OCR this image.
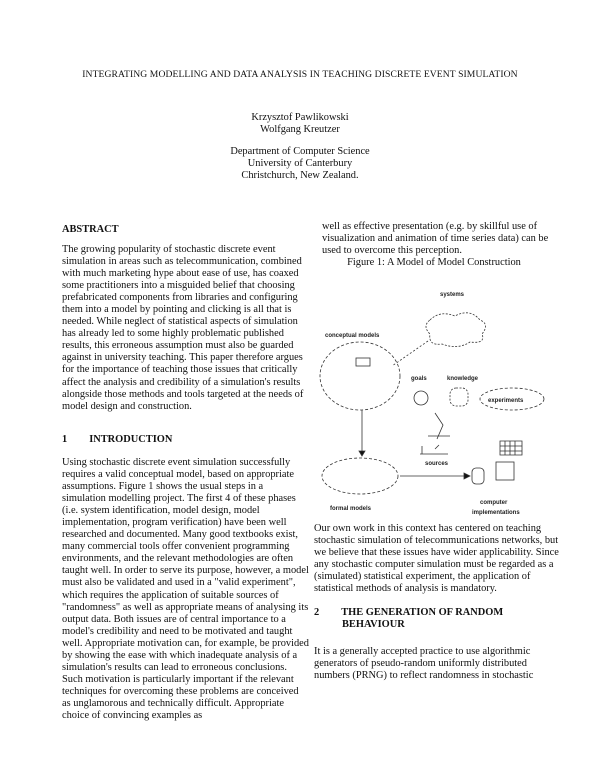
INTEGRATING MODELLING AND DATA ANALYSIS IN TEACHING DISCRETE EVENT SIMULATION
Krzysztof Pawlikowski
Wolfgang Kreutzer
Department of Computer Science
University of Canterbury
Christchurch, New Zealand.
ABSTRACT
The growing popularity of stochastic discrete event
simulation in areas such as telecommunication, combined
with much marketing hype about ease of use, has coaxed
some practitioners into a misguided belief that choosing
prefabricated components from libraries and configuring
them into a model by pointing and clicking is all that is
needed. While neglect of statistical aspects of simulation
has already led to some highly problematic published
results, this erroneous assumption must also be guarded
against in university teaching. This paper therefore argues
for the importance of teaching those issues that critically
affect the analysis and credibility of a simulation's results
alongside those methods and tools targeted at the needs of
model design and construction.
1 INTRODUCTION
Using stochastic discrete event simulation successfully
requires a valid conceptual model, based on appropriate
assumptions. Figure 1 shows the usual steps in a
simulation modelling project. The first 4 of these phases
(i.e. system identification, model design, model
implementation, program verification) have been well
researched and documented. Many good textbooks exist,
many commercial tools offer convenient programming
environments, and the relevant methodologies are often
taught well. In order to serve its purpose, however, a model
must also be validated and used in a "valid experiment",
which requires the application of suitable sources of
"randomness" as well as appropriate means of analysing its
output data. Both issues are of central importance to a
model's credibility and need to be motivated and taught
well. Appropriate motivation can, for example, be provided
by showing the ease with which inadequate analysis of a
simulation's results can lead to erroneous conclusions.
Such motivation is particularly important if the relevant
techniques for overcoming these problems are conceived
as unglamorous and technically difficult. Appropriate
choice of convincing examples as
well as effective presentation (e.g. by skillful use of
visualization and animation of time series data) can be
used to overcome this perception.
Figure 1: A Model of Model Construction
systems
conceptual models
goals	knowledge
experiments
sources
formal models
computer
implementations
Our own work in this context has centered on teaching
stochastic simulation of telecommunications networks, but
we believe that these issues have wider applicability. Since
any stochastic computer simulation must be regarded as a
(simulated) statistical experiment, the application of
statistical methods of analysis is mandatory.
2 THE GENERATION OF RANDOM
BEHAVIOUR
It is a generally accepted practice to use algorithmic
generators of pseudo-random uniformly distributed
numbers (PRNG) to reflect randomness in stochastic
